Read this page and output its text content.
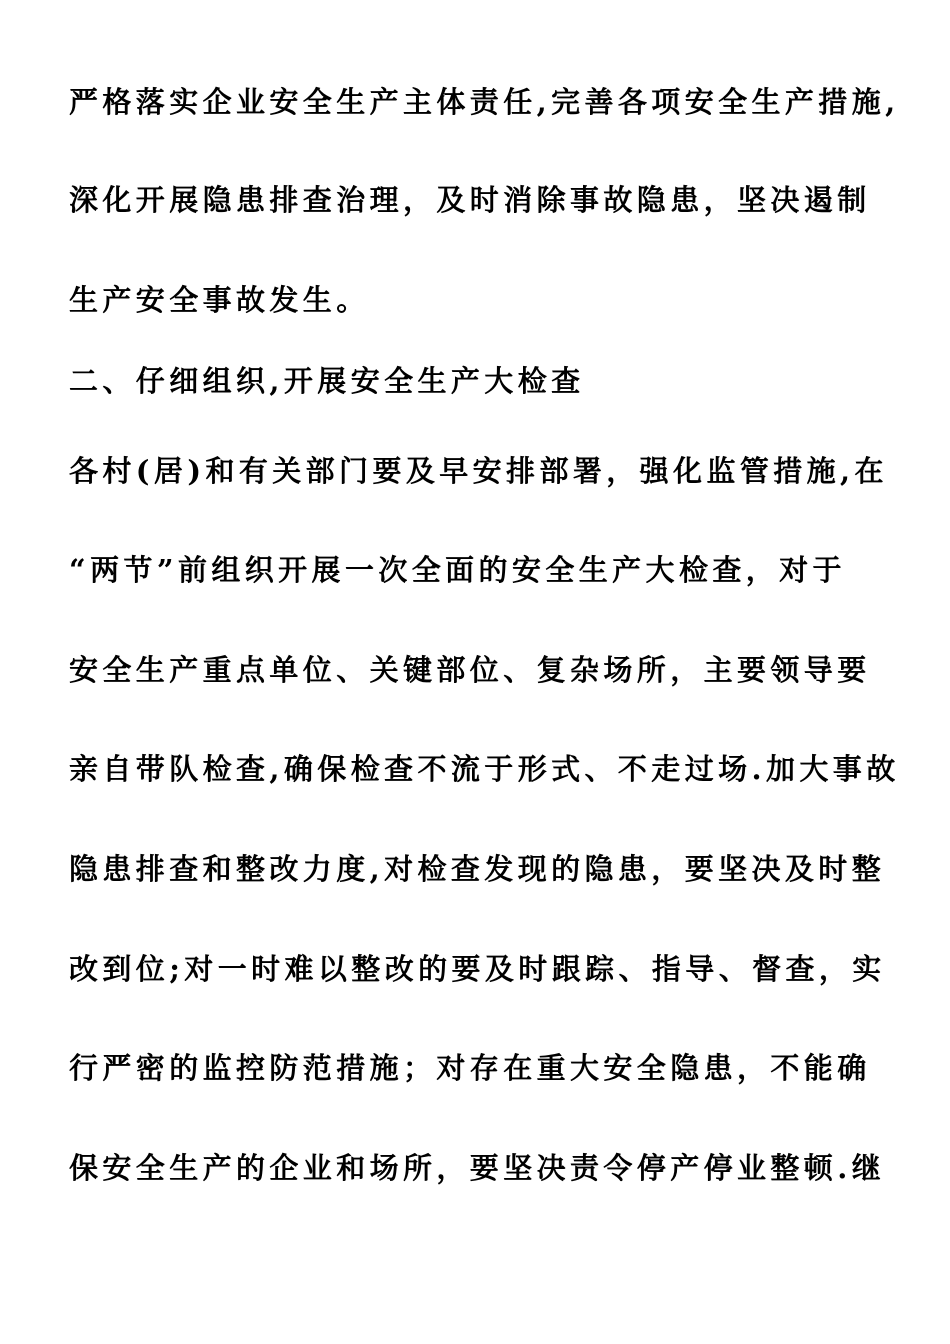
严格落实企业安全生产主体责任,完善各项安全生产措施,
深化开展隐患排查治理，及时消除事故隐患，坚决遏制
生产安全事故发生。
二、仔细组织,开展安全生产大检查
各村(居)和有关部门要及早安排部署，强化监管措施,在
“两节”前组织开展一次全面的安全生产大检查，对于
安全生产重点单位、关键部位、复杂场所，主要领导要
亲自带队检查,确保检查不流于形式、不走过场.加大事故
隐患排查和整改力度,对检查发现的隐患，要坚决及时整
改到位;对一时难以整改的要及时跟踪、指导、督查，实
行严密的监控防范措施；对存在重大安全隐患，不能确
保安全生产的企业和场所，要坚决责令停产停业整顿.继
